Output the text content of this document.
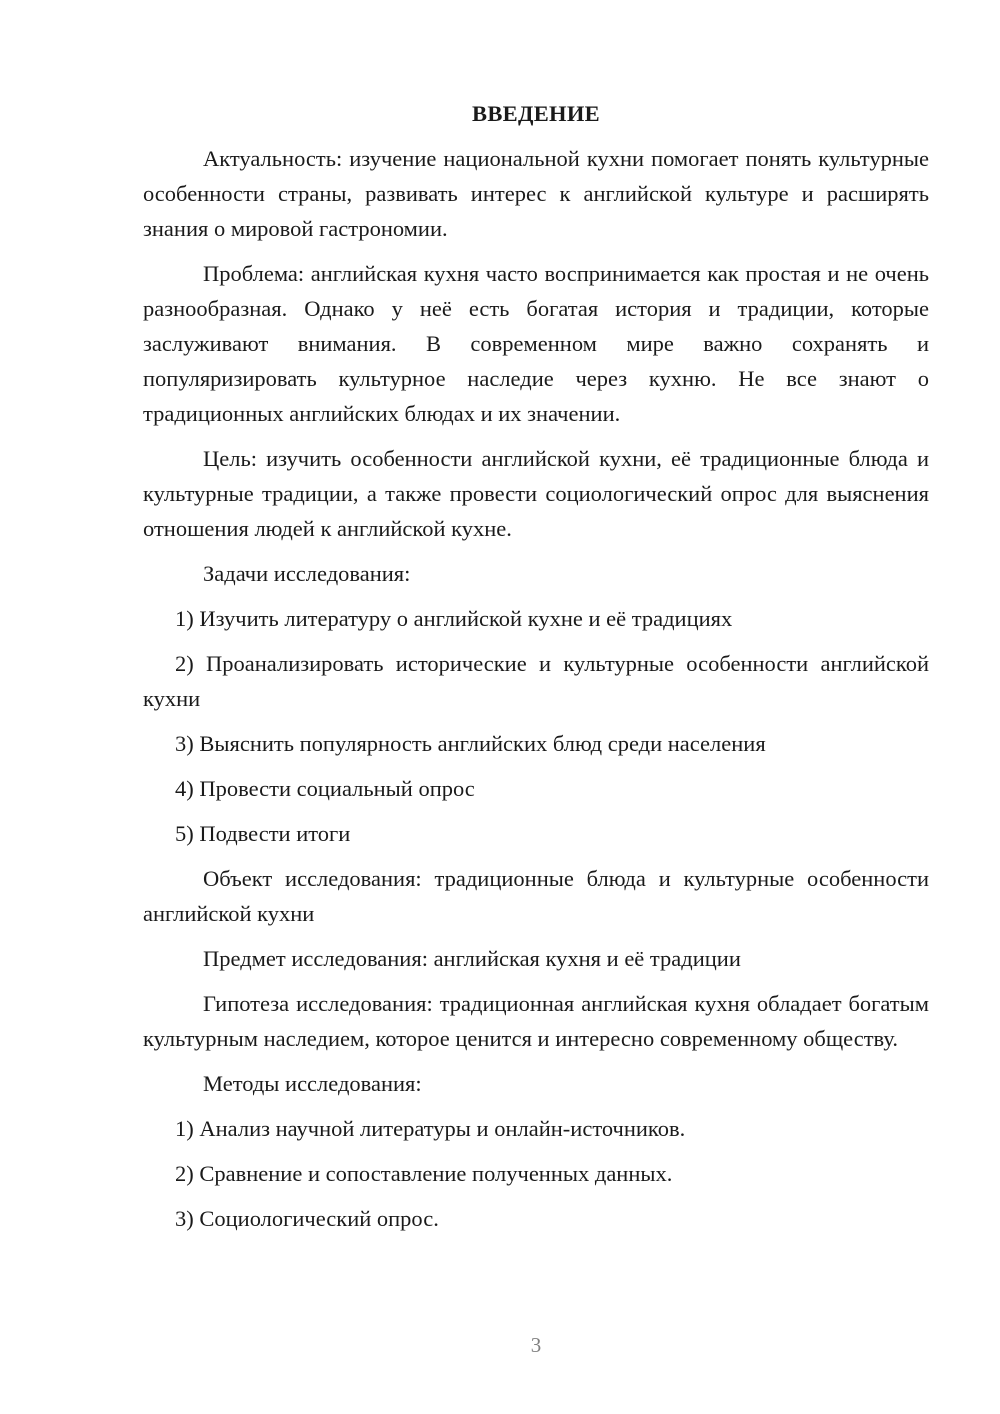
ВВЕДЕНИЕ

Актуальность: изучение национальной кухни помогает понять культурные особенности страны, развивать интерес к английской культуре и расширять знания о мировой гастрономии.

Проблема: английская кухня часто воспринимается как простая и не очень разнообразная. Однако у неё есть богатая история и традиции, которые заслуживают внимания. В современном мире важно сохранять и популяризировать культурное наследие через кухню. Не все знают о традиционных английских блюдах и их значении.

Цель: изучить особенности английской кухни, её традиционные блюда и культурные традиции, а также провести социологический опрос для выяснения отношения людей к английской кухне.

Задачи исследования:

1) Изучить литературу о английской кухне и её традициях

2) Проанализировать исторические и культурные особенности английской кухни

3) Выяснить популярность английских блюд среди населения

4) Провести социальный опрос

5) Подвести итоги

Объект исследования: традиционные блюда и культурные особенности английской кухни

Предмет исследования: английская кухня и её традиции

Гипотеза исследования: традиционная английская кухня обладает богатым культурным наследием, которое ценится и интересно современному обществу.

Методы исследования:

1) Анализ научной литературы и онлайн-источников.

2) Сравнение и сопоставление полученных данных.

3) Социологический опрос.

3
